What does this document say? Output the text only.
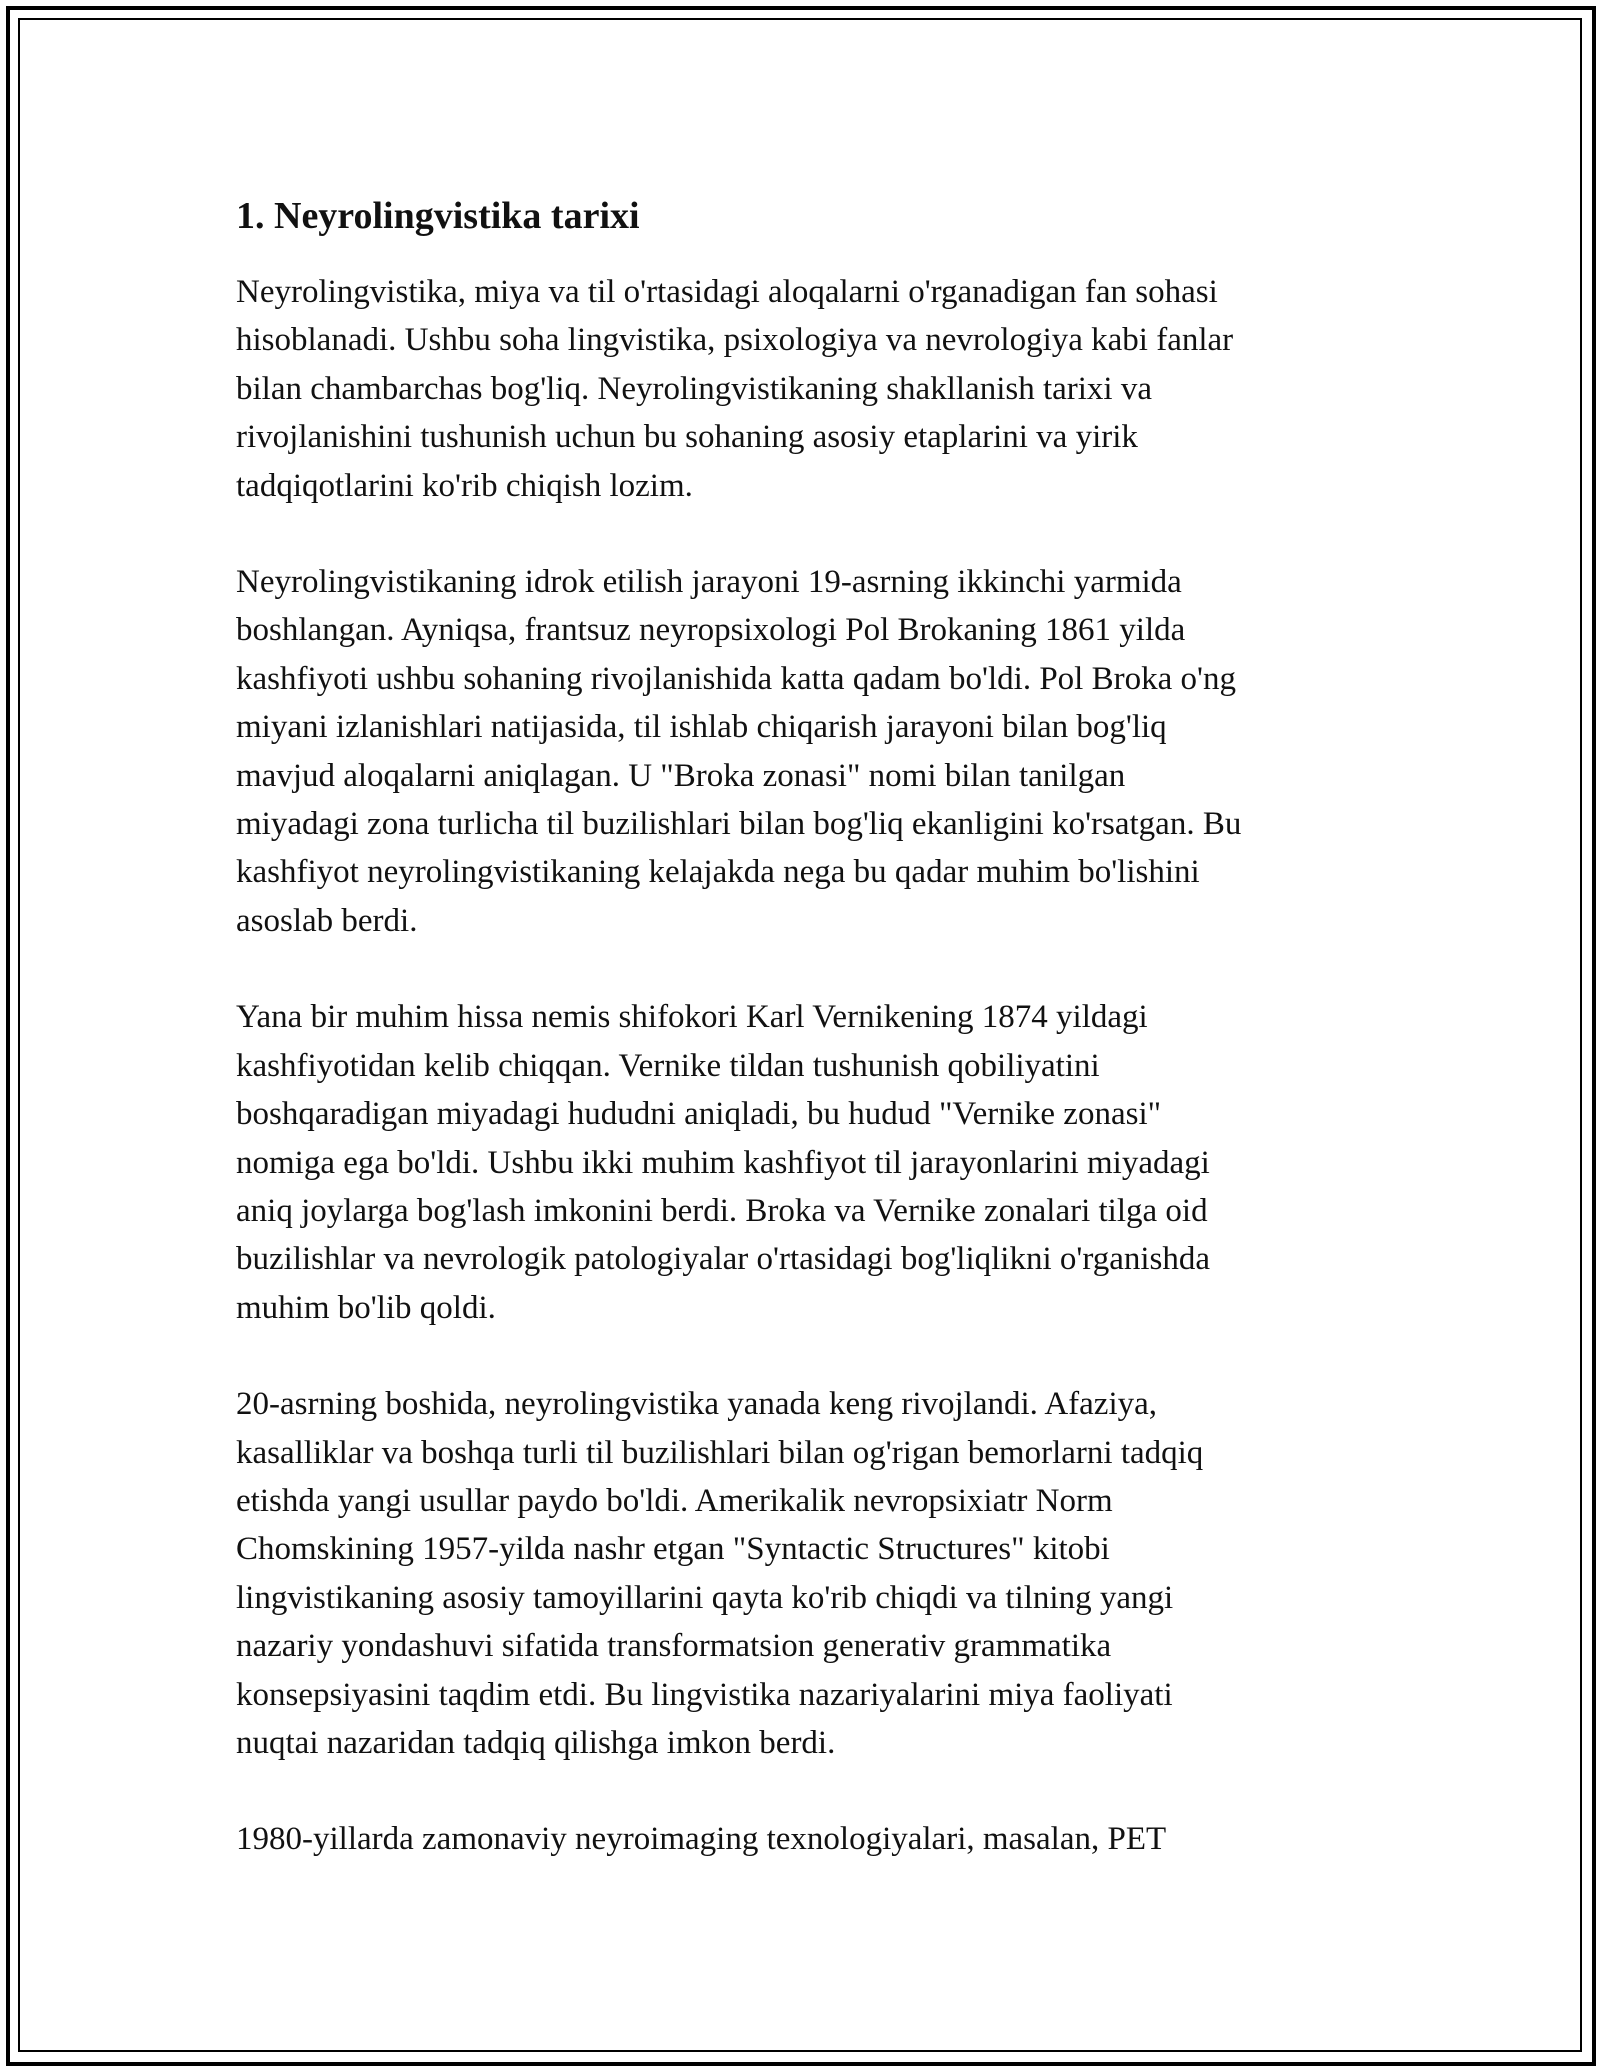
1. Neyrolingvistika tarixi
Neyrolingvistika, miya va til o'rtasidagi aloqalarni o'rganadigan fan sohasi
hisoblanadi. Ushbu soha lingvistika, psixologiya va nevrologiya kabi fanlar
bilan chambarchas bog'liq. Neyrolingvistikaning shakllanish tarixi va
rivojlanishini tushunish uchun bu sohaning asosiy etaplarini va yirik
tadqiqotlarini ko'rib chiqish lozim.
Neyrolingvistikaning idrok etilish jarayoni 19-asrning ikkinchi yarmida
boshlangan. Ayniqsa, frantsuz neyropsixologi Pol Brokaning 1861 yilda
kashfiyoti ushbu sohaning rivojlanishida katta qadam bo'ldi. Pol Broka o'ng
miyani izlanishlari natijasida, til ishlab chiqarish jarayoni bilan bog'liq
mavjud aloqalarni aniqlagan. U "Broka zonasi" nomi bilan tanilgan
miyadagi zona turlicha til buzilishlari bilan bog'liq ekanligini ko'rsatgan. Bu
kashfiyot neyrolingvistikaning kelajakda nega bu qadar muhim bo'lishini
asoslab berdi.
Yana bir muhim hissa nemis shifokori Karl Vernikening 1874 yildagi
kashfiyotidan kelib chiqqan. Vernike tildan tushunish qobiliyatini
boshqaradigan miyadagi hududni aniqladi, bu hudud "Vernike zonasi"
nomiga ega bo'ldi. Ushbu ikki muhim kashfiyot til jarayonlarini miyadagi
aniq joylarga bog'lash imkonini berdi. Broka va Vernike zonalari tilga oid
buzilishlar va nevrologik patologiyalar o'rtasidagi bog'liqlikni o'rganishda
muhim bo'lib qoldi.
20-asrning boshida, neyrolingvistika yanada keng rivojlandi. Afaziya,
kasalliklar va boshqa turli til buzilishlari bilan og'rigan bemorlarni tadqiq
etishda yangi usullar paydo bo'ldi. Amerikalik nevropsixiatr Norm
Chomskining 1957-yilda nashr etgan "Syntactic Structures" kitobi
lingvistikaning asosiy tamoyillarini qayta ko'rib chiqdi va tilning yangi
nazariy yondashuvi sifatida transformatsion generativ grammatika
konsepsiyasini taqdim etdi. Bu lingvistika nazariyalarini miya faoliyati
nuqtai nazaridan tadqiq qilishga imkon berdi.
1980-yillarda zamonaviy neyroimaging texnologiyalari, masalan, PET
